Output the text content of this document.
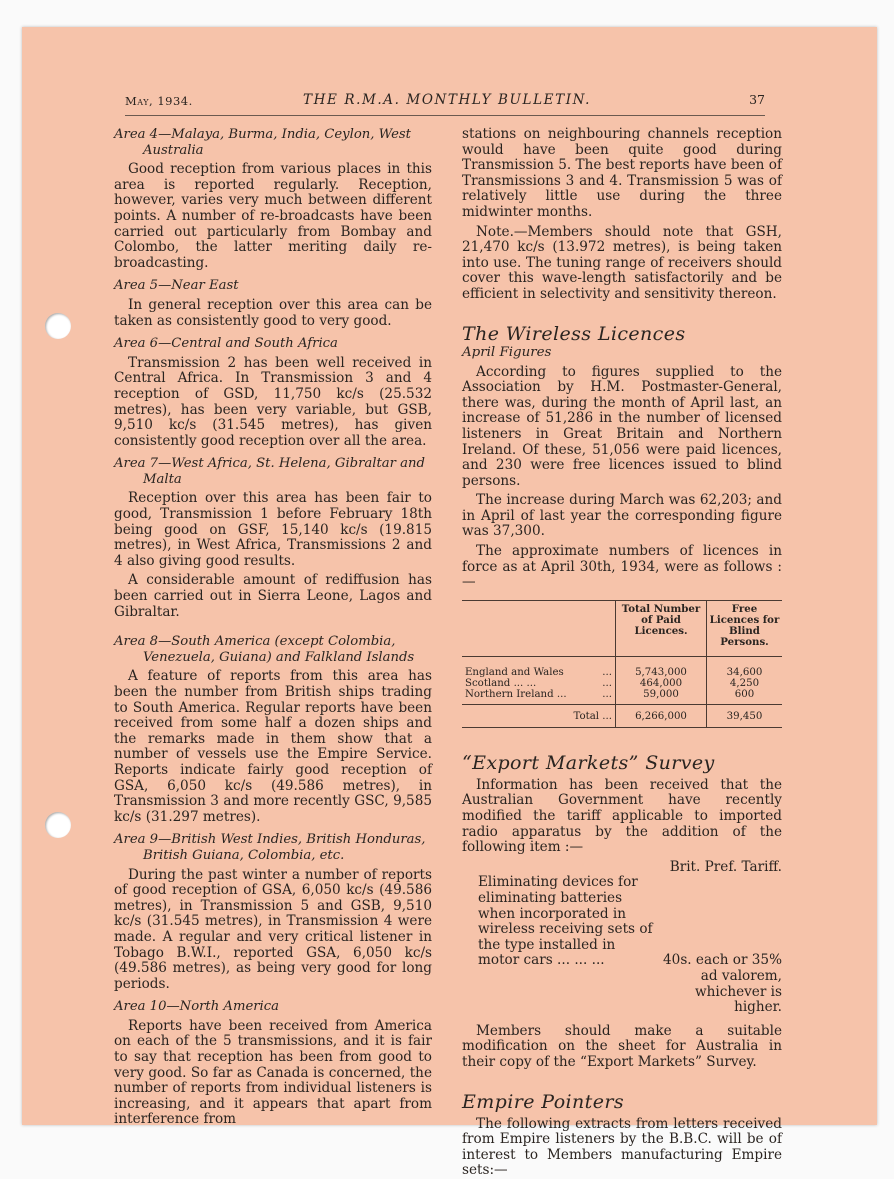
May, 1934.	THE R.M.A. MONTHLY BULLETIN.	37
Area 4—Malaya, Burma, India, Ceylon, West Australia

Good reception from various places in this area is reported regularly. Reception, however, varies very much between different points. A number of re-broadcasts have been carried out particularly from Bombay and Colombo, the latter meriting daily re-broadcasting.

Area 5—Near East

In general reception over this area can be taken as consistently good to very good.

Area 6—Central and South Africa

Transmission 2 has been well received in Central Africa. In Transmission 3 and 4 reception of GSD, 11,750 kc/s (25.532 metres), has been very variable, but GSB, 9,510 kc/s (31.545 metres), has given consistently good reception over all the area.

Area 7—West Africa, St. Helena, Gibraltar and Malta

Reception over this area has been fair to good, Transmission 1 before February 18th being good on GSF, 15,140 kc/s (19.815 metres), in West Africa, Transmissions 2 and 4 also giving good results.

A considerable amount of rediffusion has been carried out in Sierra Leone, Lagos and Gibraltar.

Area 8—South America (except Colombia, Venezuela, Guiana) and Falkland Islands

A feature of reports from this area has been the number from British ships trading to South America. Regular reports have been received from some half a dozen ships and the remarks made in them show that a number of vessels use the Empire Service. Reports indicate fairly good reception of GSA, 6,050 kc/s (49.586 metres), in Transmission 3 and more recently GSC, 9,585 kc/s (31.297 metres).

Area 9—British West Indies, British Honduras, British Guiana, Colombia, etc.

During the past winter a number of reports of good reception of GSA, 6,050 kc/s (49.586 metres), in Transmission 5 and GSB, 9,510 kc/s (31.545 metres), in Transmission 4 were made. A regular and very critical listener in Tobago B.W.I., reported GSA, 6,050 kc/s (49.586 metres), as being very good for long periods.

Area 10—North America

Reports have been received from America on each of the 5 transmissions, and it is fair to say that reception has been from good to very good. So far as Canada is concerned, the number of reports from individual listeners is increasing, and it appears that apart from interference from

stations on neighbouring channels reception would have been quite good during Transmission 5. The best reports have been of Transmissions 3 and 4. Transmission 5 was of relatively little use during the three midwinter months.

Note.—Members should note that GSH, 21,470 kc/s (13.972 metres), is being taken into use. The tuning range of receivers should cover this wave-length satisfactorily and be efficient in selectivity and sensitivity thereon.

The Wireless Licences
April Figures

According to figures supplied to the Association by H.M. Postmaster-General, there was, during the month of April last, an increase of 51,286 in the number of licensed listeners in Great Britain and Northern Ireland. Of these, 51,056 were paid licences, and 230 were free licences issued to blind persons.

The increase during March was 62,203; and in April of last year the corresponding figure was 37,300.

The approximate numbers of licences in force as at April 30th, 1934, were as follows :—

	Total Number of Paid Licences.	Free Licences for Blind Persons.

England and Wales ...	5,743,000	34,600

Scotland ... ... ...	464,000	4,250

Northern Ireland ... ...	59,000	600

Total ...	6,266,000	39,450
“Export Markets” Survey

Information has been received that the Australian Government have recently modified the tariff applicable to imported radio apparatus by the addition of the following item :—

Brit. Pref. Tariff.
Eliminating devices for eliminating batteries when incorporated in wireless receiving sets of the type installed in
motor cars ... ... ...	40s. each or 35% ad valorem, whichever is higher.

Members should make a suitable modification on the sheet for Australia in their copy of the “Export Markets” Survey.

Empire Pointers

The following extracts from letters received from Empire listeners by the B.B.C. will be of interest to Members manufacturing Empire sets:—
